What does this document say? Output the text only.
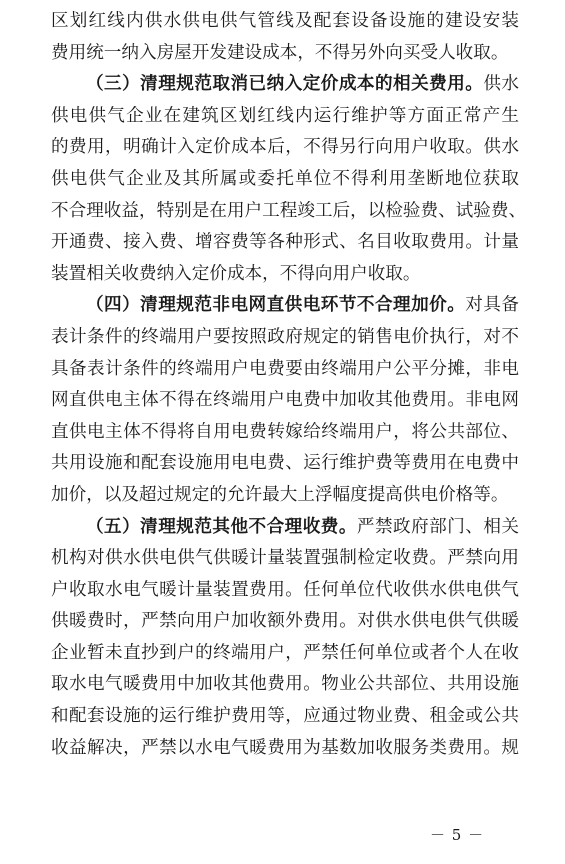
区划红线内供水供电供气管线及配套设备设施的建设安装
费用统一纳入房屋开发建设成本，不得另外向买受人收取。
（三）清理规范取消已纳入定价成本的相关费用。供水
供电供气企业在建筑区划红线内运行维护等方面正常产生
的费用，明确计入定价成本后，不得另行向用户收取。供水
供电供气企业及其所属或委托单位不得利用垄断地位获取
不合理收益，特别是在用户工程竣工后，以检验费、试验费、
开通费、接入费、增容费等各种形式、名目收取费用。计量
装置相关收费纳入定价成本，不得向用户收取。
（四）清理规范非电网直供电环节不合理加价。对具备
表计条件的终端用户要按照政府规定的销售电价执行，对不
具备表计条件的终端用户电费要由终端用户公平分摊，非电
网直供电主体不得在终端用户电费中加收其他费用。非电网
直供电主体不得将自用电费转嫁给终端用户，将公共部位、
共用设施和配套设施用电电费、运行维护费等费用在电费中
加价，以及超过规定的允许最大上浮幅度提高供电价格等。
（五）清理规范其他不合理收费。严禁政府部门、相关
机构对供水供电供气供暖计量装置强制检定收费。严禁向用
户收取水电气暖计量装置费用。任何单位代收供水供电供气
供暖费时，严禁向用户加收额外费用。对供水供电供气供暖
企业暂未直抄到户的终端用户，严禁任何单位或者个人在收
取水电气暖费用中加收其他费用。物业公共部位、共用设施
和配套设施的运行维护费用等，应通过物业费、租金或公共
收益解决，严禁以水电气暖费用为基数加收服务类费用。规
－ 5 －
